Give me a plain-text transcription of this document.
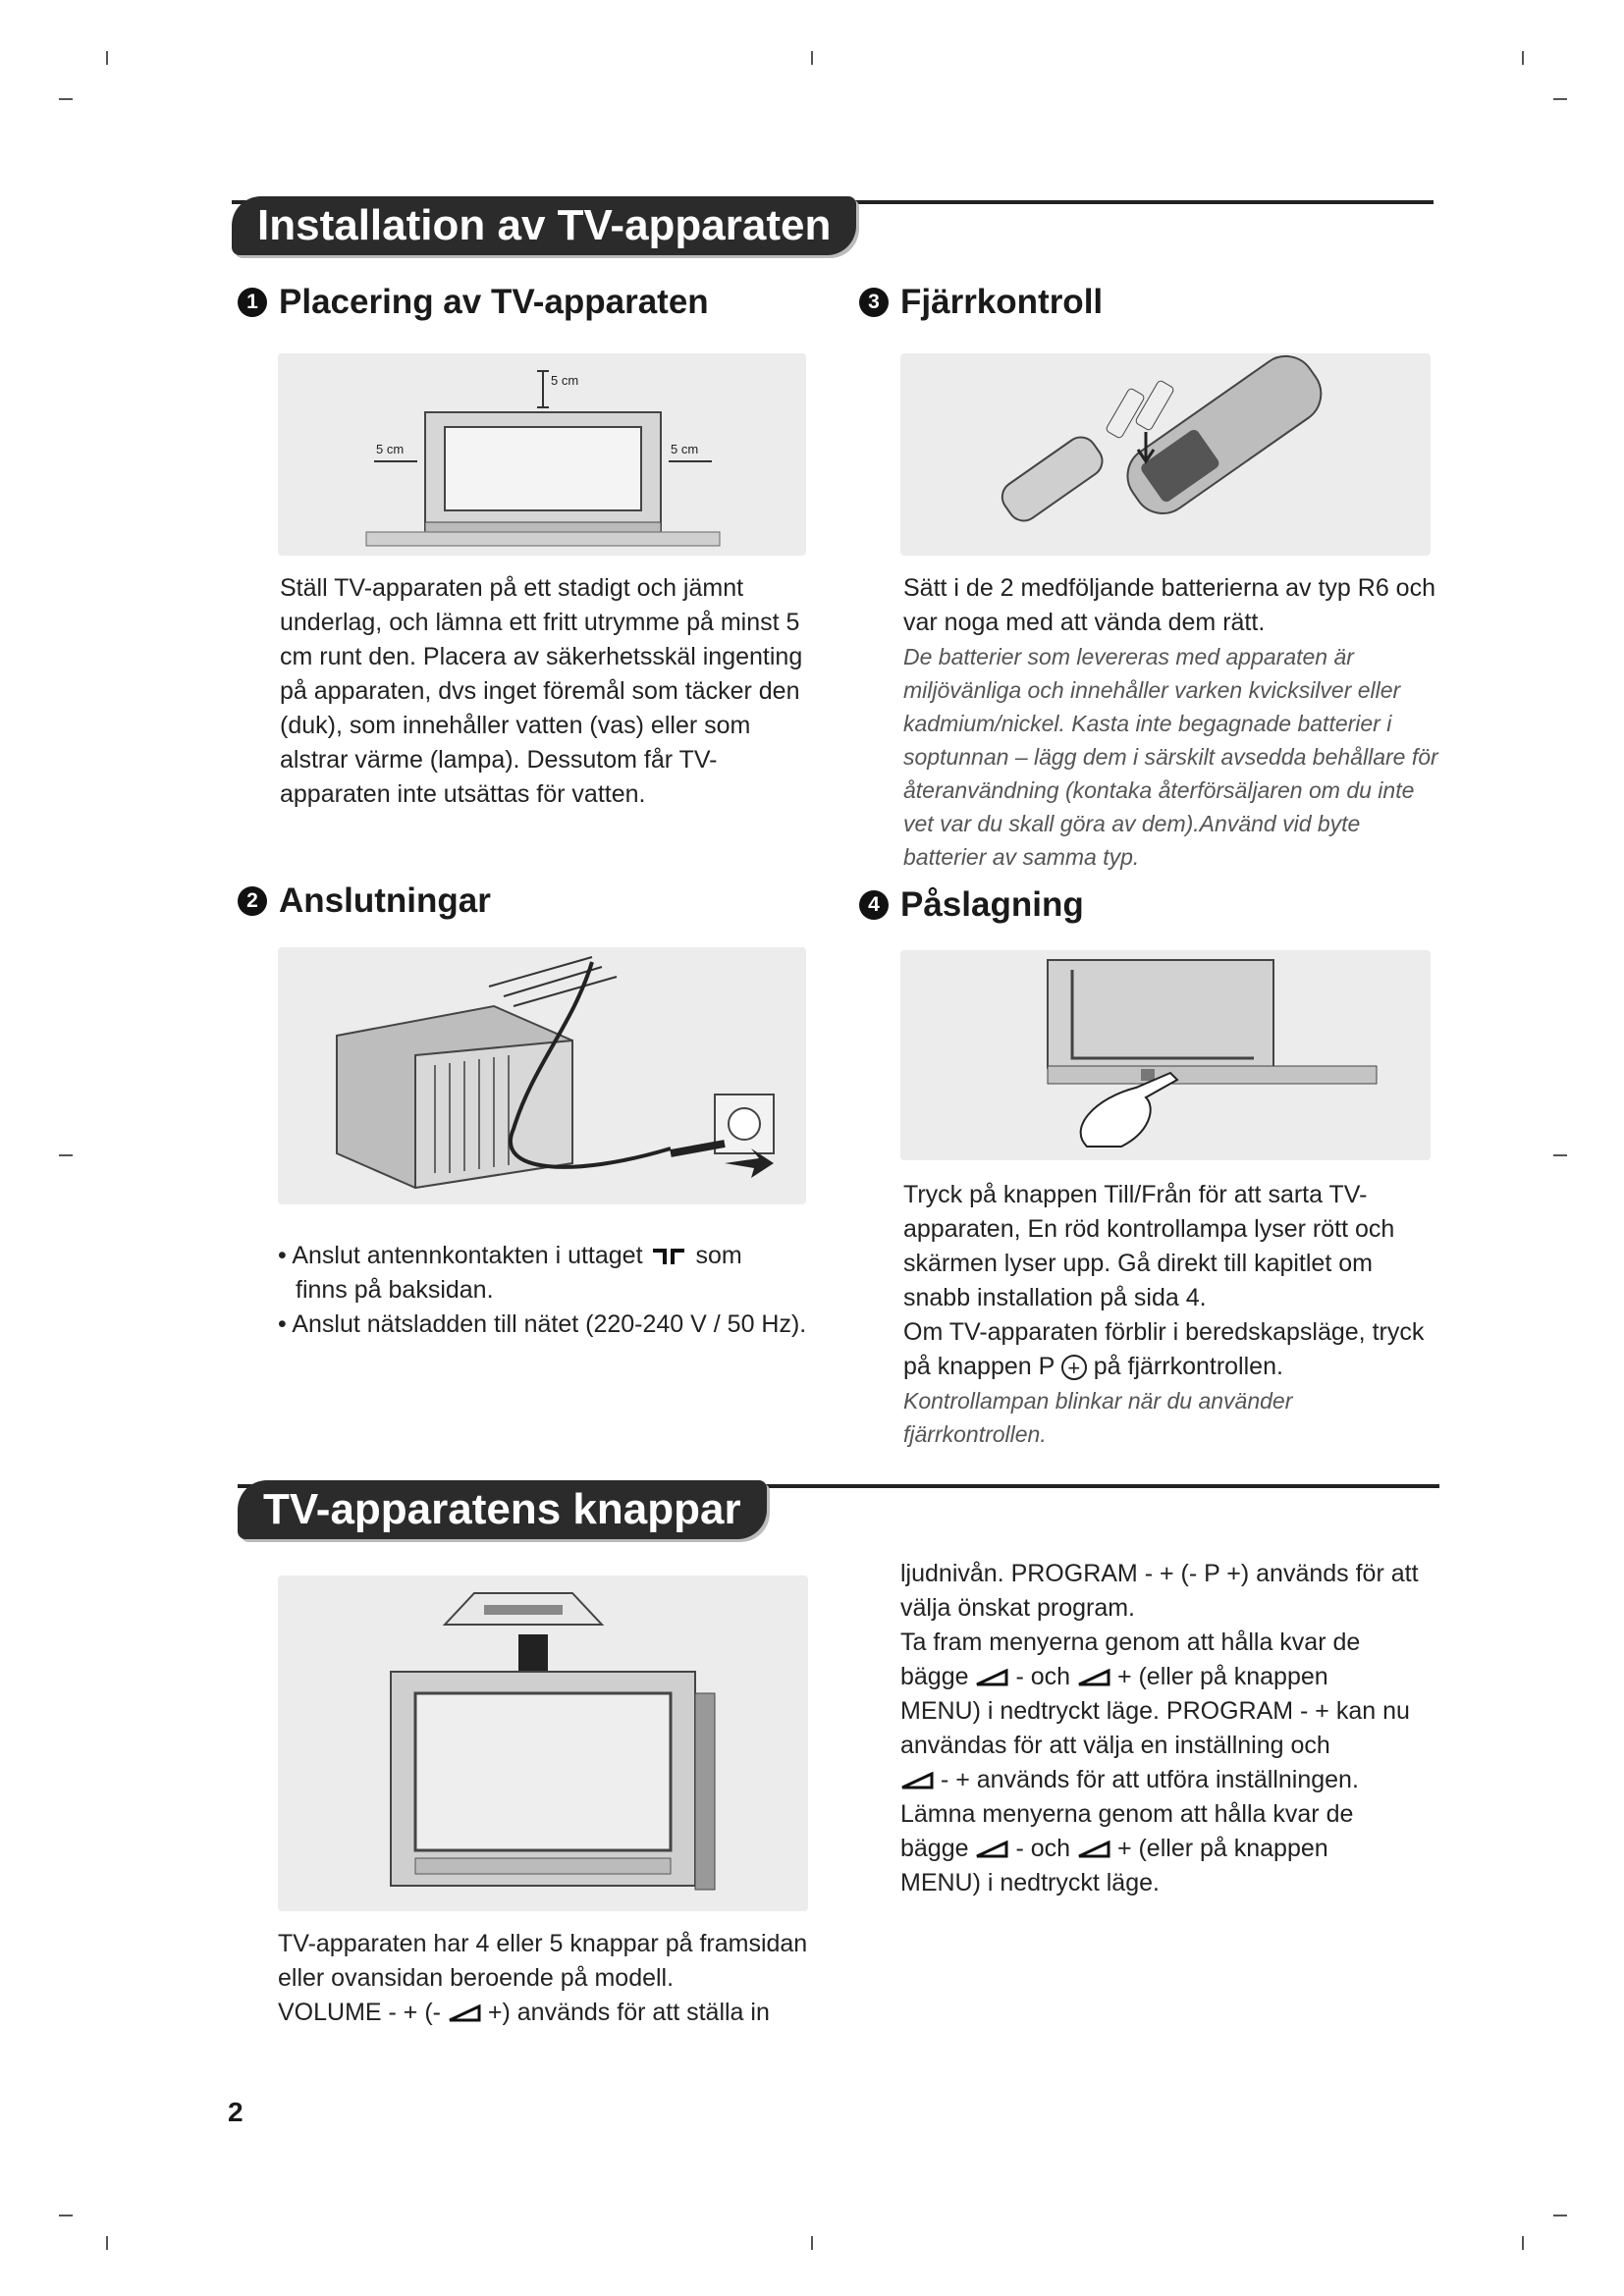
Installation av TV-apparaten
1 Placering av TV-apparaten	3 Fjärrkontroll
5 cm
5 cm	5 cm
Ställ TV-apparaten på ett stadigt och jämnt underlag, och lämna ett fritt utrymme på minst 5 cm runt den. Placera av säkerhetsskäl ingenting på apparaten, dvs inget föremål som täcker den (duk), som innehåller vatten (vas) eller som alstrar värme (lampa). Dessutom får TV-apparaten inte utsättas för vatten.

Sätt i de 2 medföljande batterierna av typ R6 och var noga med att vända dem rätt.

De batterier som levereras med apparaten är miljövänliga och innehåller varken kvicksilver eller kadmium/nickel. Kasta inte begagnade batterier i soptunnan – lägg dem i särskilt avsedda behållare för återanvändning (kontaka återförsäljaren om du inte vet var du skall göra av dem).Använd vid byte batterier av samma typ.

2 Anslutningar	4 Påslagning

• Anslut antennkontakten i uttaget som

finns på baksidan.

• Anslut nätsladden till nätet (220-240 V / 50 Hz).

Tryck på knappen Till/Från för att sarta TV-apparaten, En röd kontrollampa lyser rött och skärmen lyser upp. Gå direkt till kapitlet om snabb installation på sida 4.

Om TV-apparaten förblir i beredskapsläge, tryck på knappen P + på fjärrkontrollen.

Kontrollampan blinkar när du använder fjärrkontrollen.

TV-apparatens knappar

TV-apparaten har 4 eller 5 knappar på framsidan eller ovansidan beroende på modell.

VOLUME - + (- +) används för att ställa in

ljudnivån. PROGRAM - + (- P +) används för att välja önskat program.

Ta fram menyerna genom att hålla kvar de

bägge - och + (eller på knappen

MENU) i nedtryckt läge. PROGRAM - + kan nu användas för att välja en inställning och

- + används för att utföra inställningen.

Lämna menyerna genom att hålla kvar de

bägge - och + (eller på knappen

MENU) i nedtryckt läge.

2
